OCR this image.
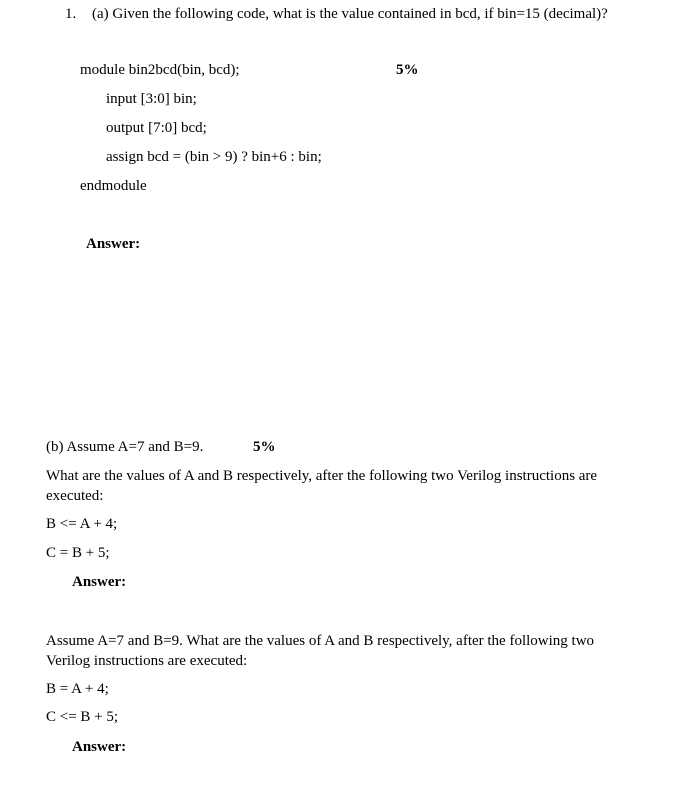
1. (a) Given the following code, what is the value contained in bcd, if bin=15 (decimal)?
module bin2bcd(bin, bcd);	5%
input [3:0] bin;
output [7:0] bcd;
assign bcd = (bin > 9) ? bin+6 : bin;
endmodule
Answer:
(b) Assume A=7 and B=9.	5%
What are the values of A and B respectively, after the following two Verilog instructions are executed:
B <= A + 4;
C = B + 5;
Answer:
Assume A=7 and B=9. What are the values of A and B respectively, after the following two Verilog instructions are executed:
B = A + 4;
C <= B + 5;
Answer:
